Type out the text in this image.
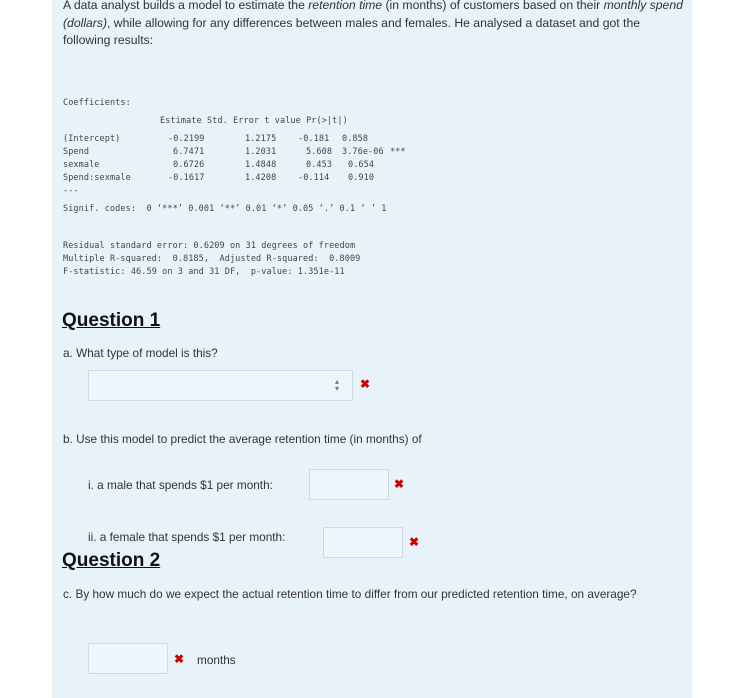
A data analyst builds a model to estimate the retention time (in months) of customers based on their monthly spend (dollars), while allowing for any differences between males and females. He analysed a dataset and got the following results:
Coefficients:
Estimate Std. Error t value Pr(>|t|)
(Intercept)	-0.2199	1.2175	-0.181 0.858
Spend	6.7471	1.2031	5.608 3.76e-06 ***
sexmale	0.6726	1.4848	0.453 0.654
Spend:sexmale	-0.1617	1.4208	-0.114 0.910
---
Signif. codes:  0 ‘***’ 0.001 ‘**’ 0.01 ‘*’ 0.05 ‘.’ 0.1 ‘ ’ 1
Residual standard error: 0.6209 on 31 degrees of freedom
Multiple R-squared:  0.8185,  Adjusted R-squared:  0.8009
F-statistic: 46.59 on 3 and 31 DF,  p-value: 1.351e-11
Question 1
a. What type of model is this?
▴
▾ ✖
b. Use this model to predict the average retention time (in months) of
i. a male that spends $1 per month:	✖
ii. a female that spends $1 per month:	✖
Question 2
c. By how much do we expect the actual retention time to differ from our predicted retention time, on average?
✖ months
